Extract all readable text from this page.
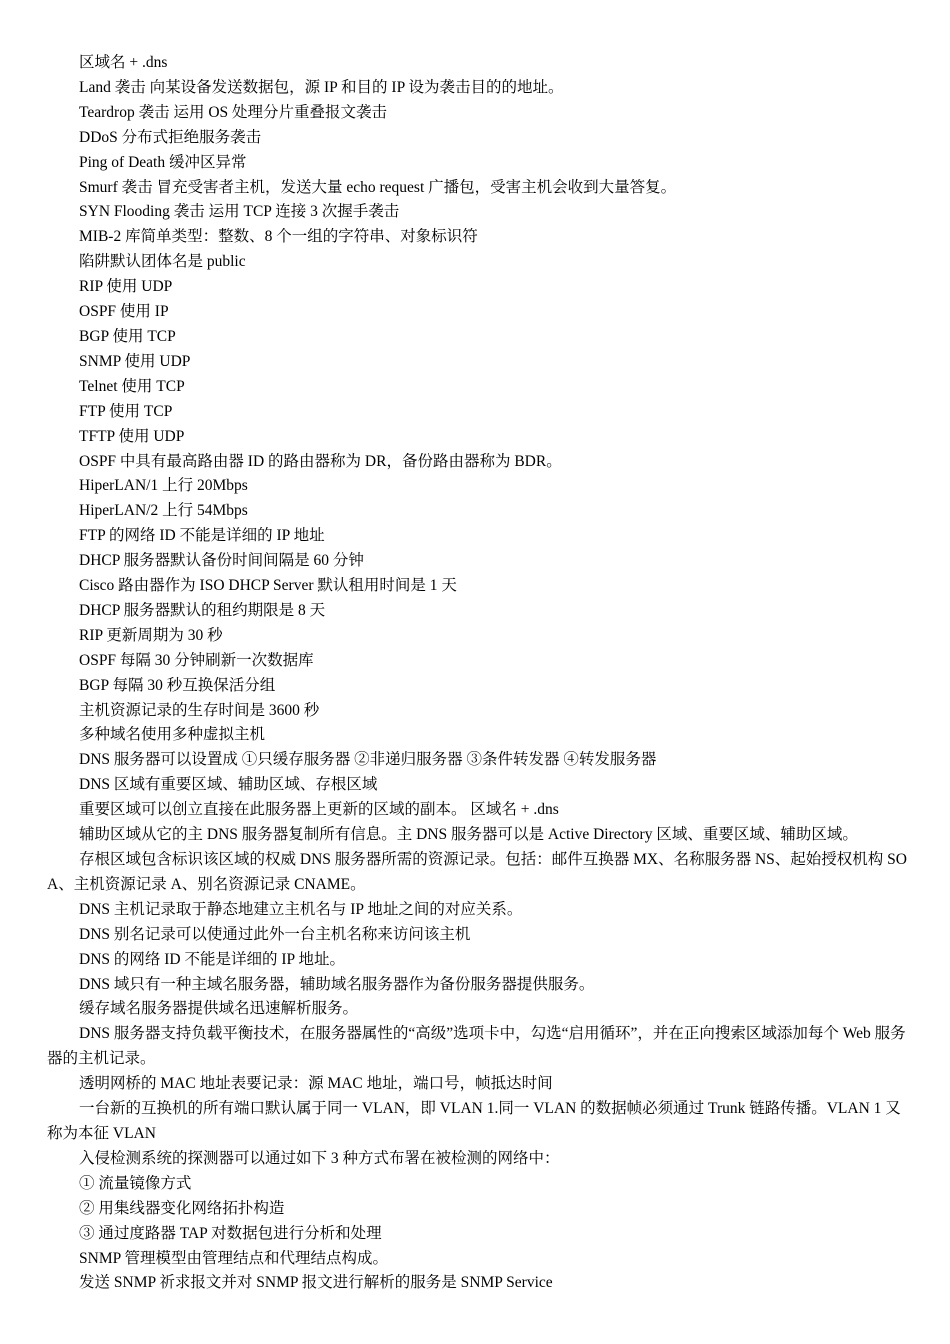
区域名 + .dns

Land 袭击 向某设备发送数据包，源 IP 和目的 IP 设为袭击目的的地址。

Teardrop 袭击 运用 OS 处理分片重叠报文袭击

DDoS 分布式拒绝服务袭击

Ping of Death 缓冲区异常

Smurf 袭击 冒充受害者主机，发送大量 echo request 广播包，受害主机会收到大量答复。

SYN Flooding 袭击 运用 TCP 连接 3 次握手袭击

MIB-2 库简单类型：整数、8 个一组的字符串、对象标识符

陷阱默认团体名是 public

RIP 使用 UDP

OSPF 使用 IP

BGP 使用 TCP

SNMP 使用 UDP

Telnet 使用 TCP

FTP 使用 TCP

TFTP 使用 UDP

OSPF 中具有最高路由器 ID 的路由器称为 DR，备份路由器称为 BDR。

HiperLAN/1 上行 20Mbps

HiperLAN/2 上行 54Mbps

FTP 的网络 ID 不能是详细的 IP 地址

DHCP 服务器默认备份时间间隔是 60 分钟

Cisco 路由器作为 ISO DHCP Server 默认租用时间是 1 天

DHCP 服务器默认的租约期限是 8 天

RIP 更新周期为 30 秒

OSPF 每隔 30 分钟刷新一次数据库

BGP 每隔 30 秒互换保活分组

主机资源记录的生存时间是 3600 秒

多种域名使用多种虚拟主机

DNS 服务器可以设置成 ①只缓存服务器 ②非递归服务器 ③条件转发器 ④转发服务器

DNS 区域有重要区域、辅助区域、存根区域

重要区域可以创立直接在此服务器上更新的区域的副本。 区域名 + .dns

辅助区域从它的主 DNS 服务器复制所有信息。主 DNS 服务器可以是 Active Directory 区域、重要区域、辅助区域。

存根区域包含标识该区域的权威 DNS 服务器所需的资源记录。包括：邮件互换器 MX、名称服务器 NS、起始授权机构 SOA、主机资源记录 A、别名资源记录 CNAME。

DNS 主机记录取于静态地建立主机名与 IP 地址之间的对应关系。

DNS 别名记录可以使通过此外一台主机名称来访问该主机

DNS 的网络 ID 不能是详细的 IP 地址。

DNS 域只有一种主域名服务器，辅助域名服务器作为备份服务器提供服务。

缓存域名服务器提供域名迅速解析服务。

DNS 服务器支持负载平衡技术，在服务器属性的“高级”选项卡中，勾选“启用循环”，并在正向搜索区域添加每个 Web 服务器的主机记录。

透明网桥的 MAC 地址表要记录：源 MAC 地址，端口号，帧抵达时间

一台新的互换机的所有端口默认属于同一 VLAN，即 VLAN 1.同一 VLAN 的数据帧必须通过 Trunk 链路传播。VLAN 1 又称为本征 VLAN

入侵检测系统的探测器可以通过如下 3 种方式布署在被检测的网络中：

① 流量镜像方式

② 用集线器变化网络拓扑构造

③ 通过度路器 TAP 对数据包进行分析和处理

SNMP 管理模型由管理结点和代理结点构成。

发送 SNMP 祈求报文并对 SNMP 报文进行解析的服务是 SNMP Service
